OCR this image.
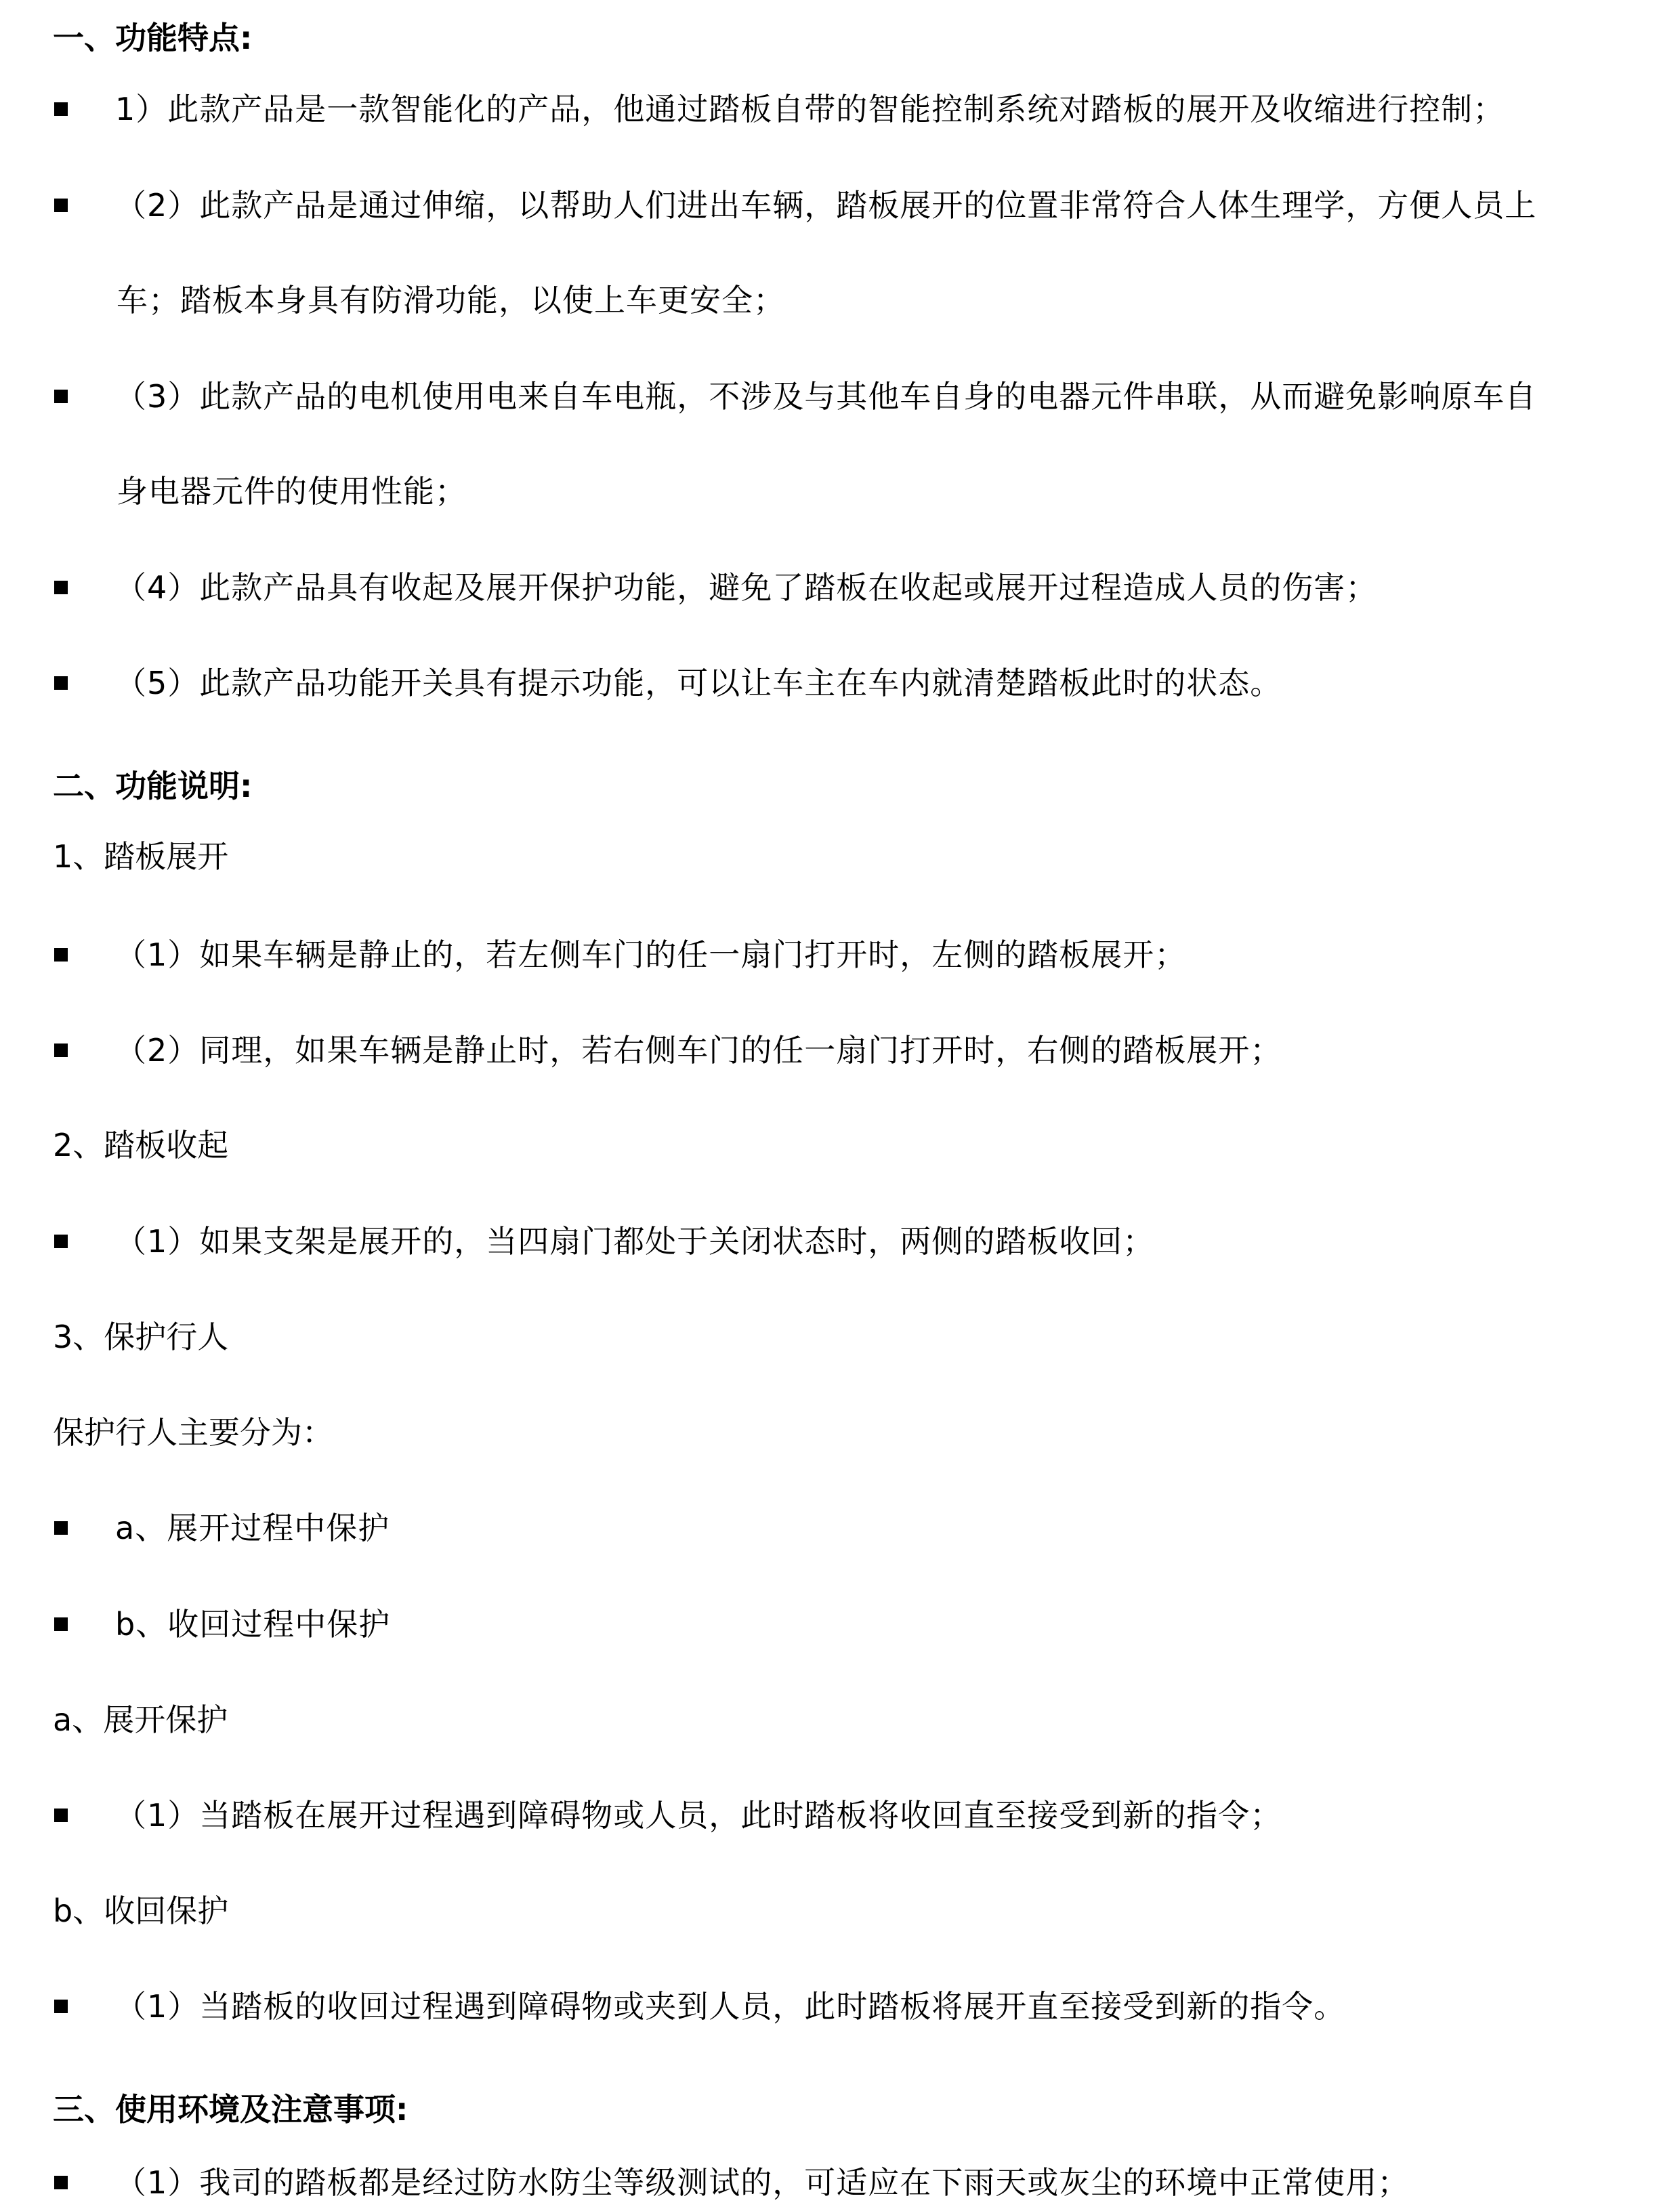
一、功能特点:
1）此款产品是一款智能化的产品，他通过踏板自带的智能控制系统对踏板的展开及收缩进行控制；
（2）此款产品是通过伸缩，以帮助人们进出车辆，踏板展开的位置非常符合人体生理学，方便人员上
车；踏板本身具有防滑功能，以使上车更安全；
（3）此款产品的电机使用电来自车电瓶，不涉及与其他车自身的电器元件串联，从而避免影响原车自
身电器元件的使用性能；
（4）此款产品具有收起及展开保护功能，避免了踏板在收起或展开过程造成人员的伤害；
（5）此款产品功能开关具有提示功能，可以让车主在车内就清楚踏板此时的状态。
二、功能说明:
1、踏板展开
（1）如果车辆是静止的，若左侧车门的任一扇门打开时，左侧的踏板展开；
（2）同理，如果车辆是静止时，若右侧车门的任一扇门打开时，右侧的踏板展开；
2、踏板收起
（1）如果支架是展开的，当四扇门都处于关闭状态时，两侧的踏板收回；
3、保护行人
保护行人主要分为：
a、展开过程中保护
b、收回过程中保护
a、展开保护
（1）当踏板在展开过程遇到障碍物或人员，此时踏板将收回直至接受到新的指令；
b、收回保护
（1）当踏板的收回过程遇到障碍物或夹到人员，此时踏板将展开直至接受到新的指令。
三、使用环境及注意事项:
（1）我司的踏板都是经过防水防尘等级测试的，可适应在下雨天或灰尘的环境中正常使用；
